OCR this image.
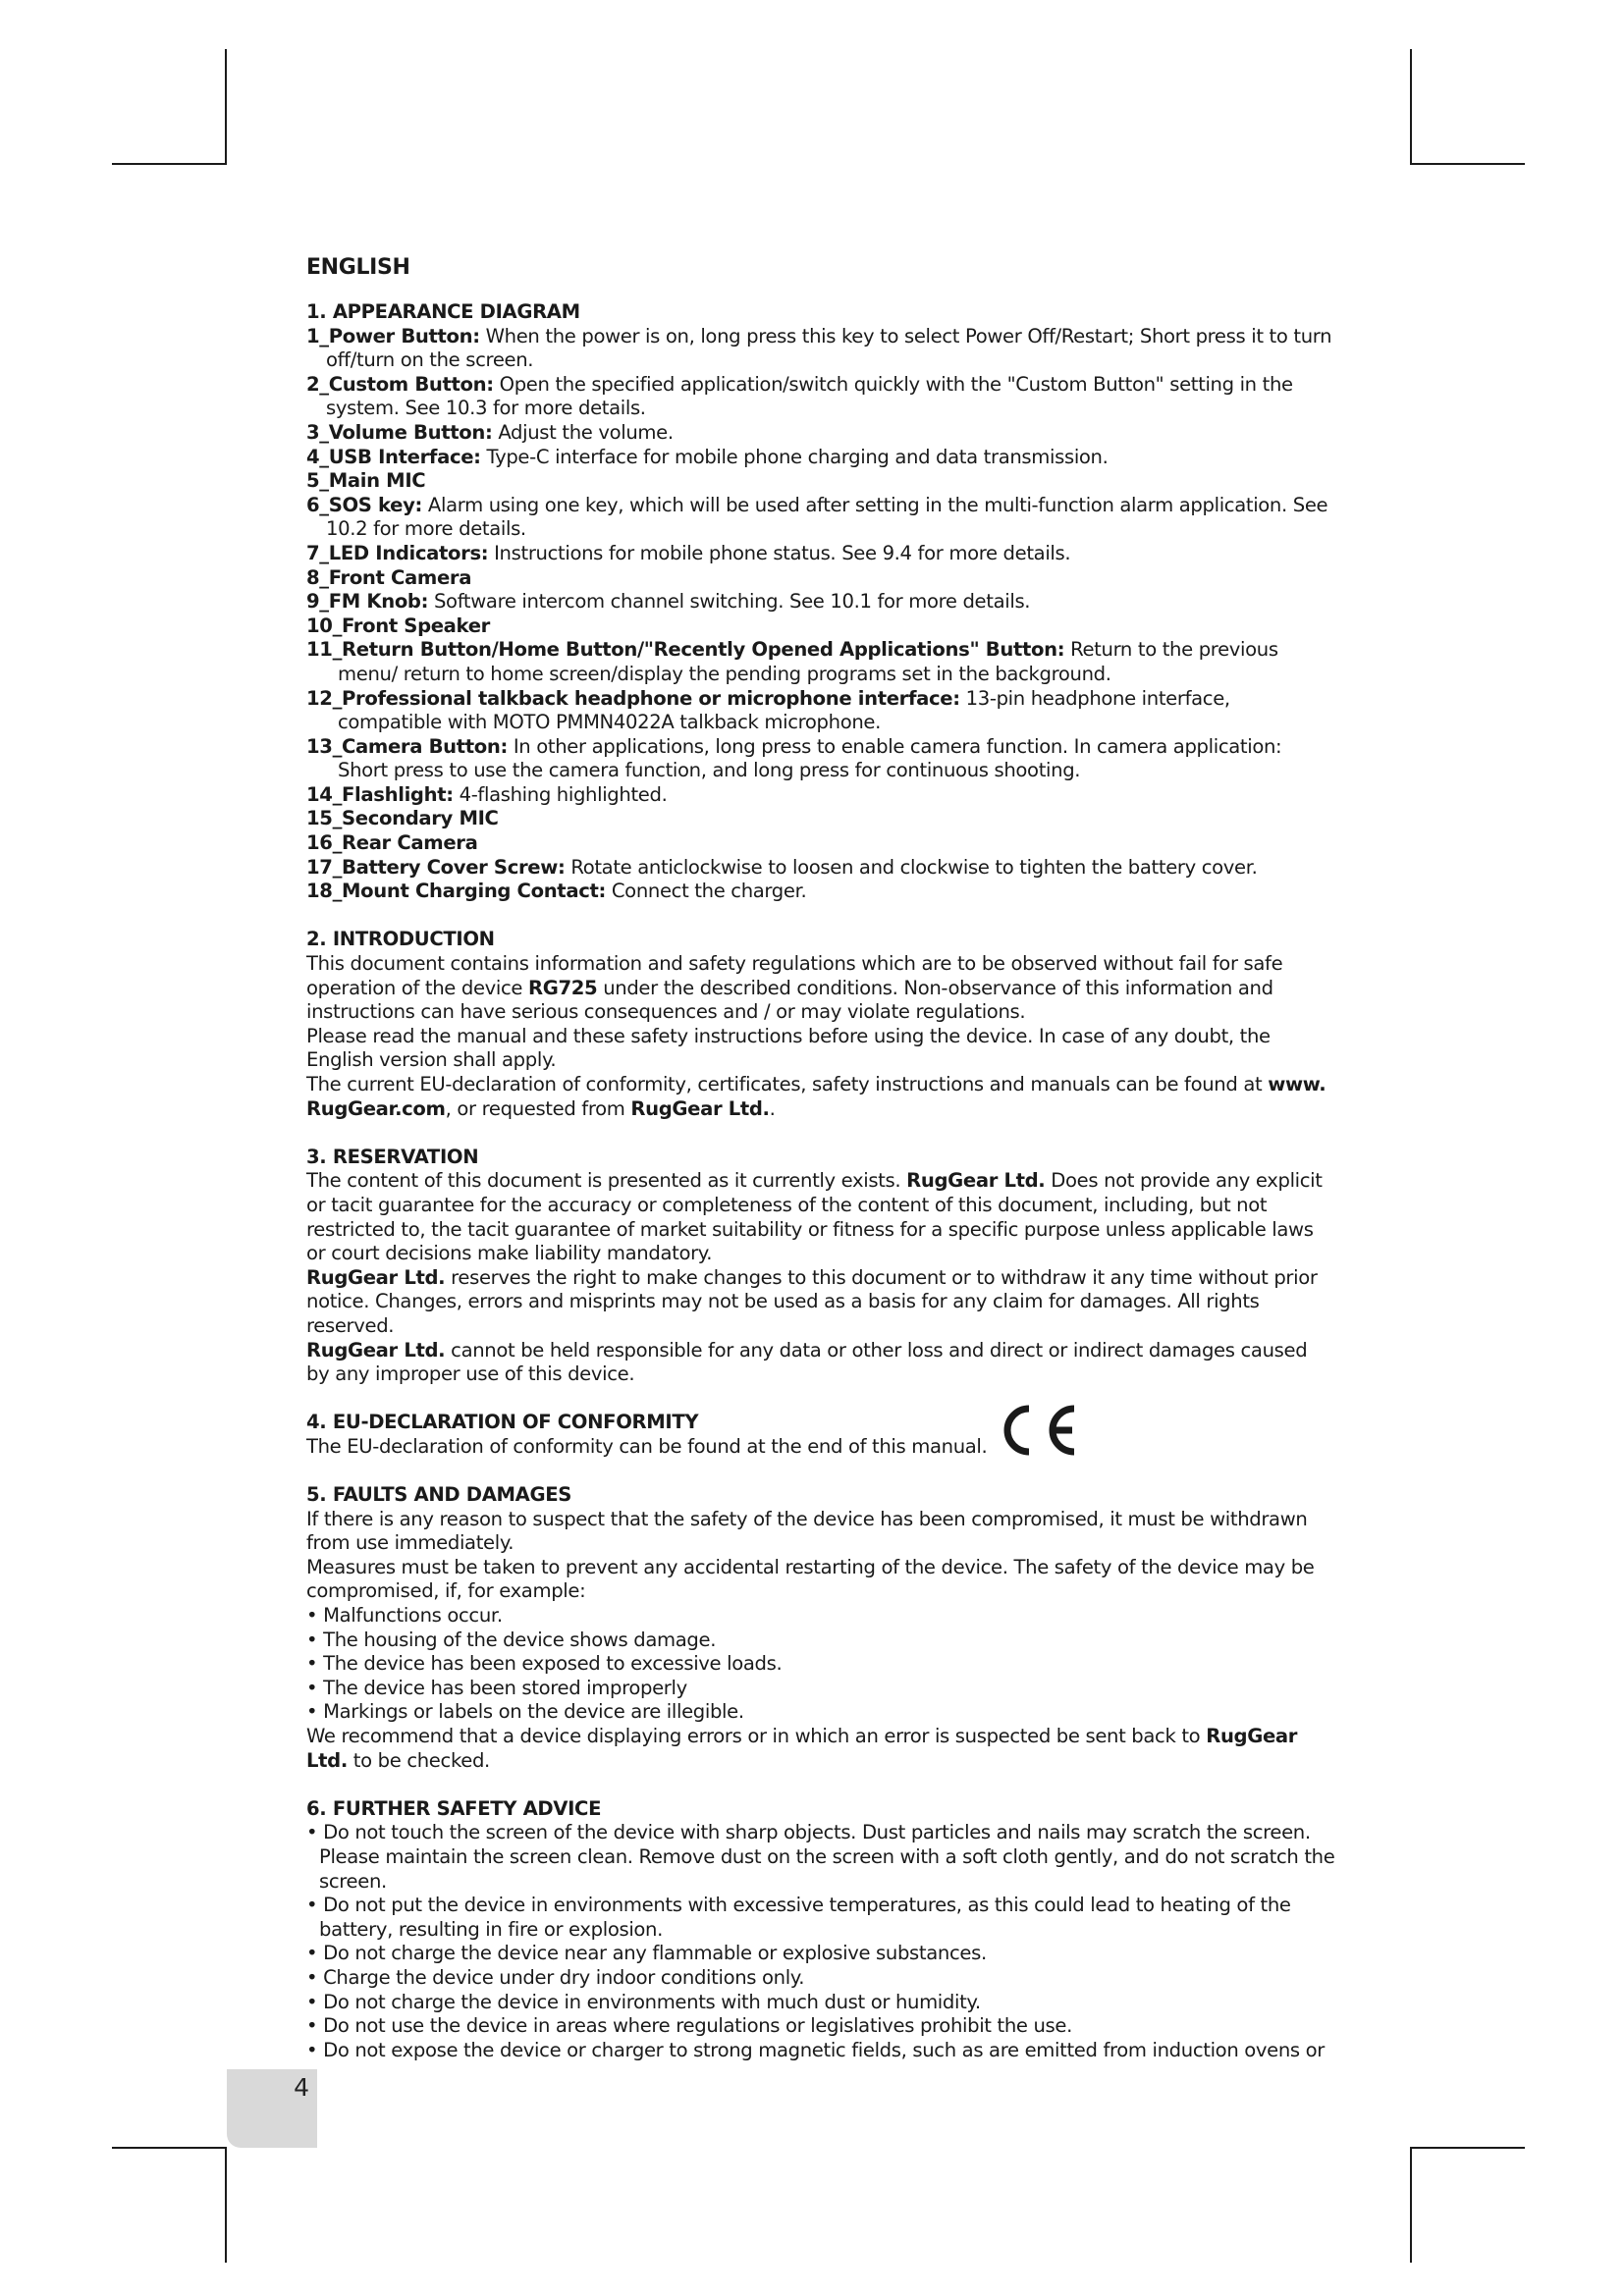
ENGLISH

1. APPEARANCE DIAGRAM

1_Power Button: When the power is on, long press this key to select Power Off/Restart; Short press it to turn off/turn on the screen.

2_Custom Button: Open the specified application/switch quickly with the "Custom Button" setting in the system. See 10.3 for more details.

3_Volume Button: Adjust the volume.

4_USB Interface: Type-C interface for mobile phone charging and data transmission.

5_Main MIC

6_SOS key: Alarm using one key, which will be used after setting in the multi-function alarm application. See 10.2 for more details.

7_LED Indicators: Instructions for mobile phone status. See 9.4 for more details.

8_Front Camera

9_FM Knob: Software intercom channel switching. See 10.1 for more details.

10_Front Speaker

11_Return Button/Home Button/"Recently Opened Applications" Button: Return to the previous menu/ return to home screen/display the pending programs set in the background.

12_Professional talkback headphone or microphone interface: 13-pin headphone interface, compatible with MOTO PMMN4022A talkback microphone.

13_Camera Button: In other applications, long press to enable camera function. In camera application: Short press to use the camera function, and long press for continuous shooting.

14_Flashlight: 4-flashing highlighted.

15_Secondary MIC

16_Rear Camera

17_Battery Cover Screw: Rotate anticlockwise to loosen and clockwise to tighten the battery cover.

18_Mount Charging Contact: Connect the charger.

2. INTRODUCTION

This document contains information and safety regulations which are to be observed without fail for safe operation of the device RG725 under the described conditions. Non-observance of this information and instructions can have serious consequences and / or may violate regulations.

Please read the manual and these safety instructions before using the device. In case of any doubt, the English version shall apply.

The current EU-declaration of conformity, certificates, safety instructions and manuals can be found at www. RugGear.com, or requested from RugGear Ltd..

3. RESERVATION

The content of this document is presented as it currently exists. RugGear Ltd. Does not provide any explicit or tacit guarantee for the accuracy or completeness of the content of this document, including, but not restricted to, the tacit guarantee of market suitability or fitness for a specific purpose unless applicable laws or court decisions make liability mandatory.

RugGear Ltd. reserves the right to make changes to this document or to withdraw it any time without prior notice. Changes, errors and misprints may not be used as a basis for any claim for damages. All rights reserved.

RugGear Ltd. cannot be held responsible for any data or other loss and direct or indirect damages caused by any improper use of this device.

4. EU-DECLARATION OF CONFORMITY

The EU-declaration of conformity can be found at the end of this manual.

5. FAULTS AND DAMAGES

If there is any reason to suspect that the safety of the device has been compromised, it must be withdrawn from use immediately.

Measures must be taken to prevent any accidental restarting of the device. The safety of the device may be compromised, if, for example:

• Malfunctions occur.

• The housing of the device shows damage.

• The device has been exposed to excessive loads.

• The device has been stored improperly

• Markings or labels on the device are illegible.

We recommend that a device displaying errors or in which an error is suspected be sent back to RugGear Ltd. to be checked.

6. FURTHER SAFETY ADVICE

• Do not touch the screen of the device with sharp objects. Dust particles and nails may scratch the screen. Please maintain the screen clean. Remove dust on the screen with a soft cloth gently, and do not scratch the screen.

• Do not put the device in environments with excessive temperatures, as this could lead to heating of the battery, resulting in fire or explosion.

• Do not charge the device near any flammable or explosive substances.

• Charge the device under dry indoor conditions only.

• Do not charge the device in environments with much dust or humidity.

• Do not use the device in areas where regulations or legislatives prohibit the use.

• Do not expose the device or charger to strong magnetic fields, such as are emitted from induction ovens or

4
